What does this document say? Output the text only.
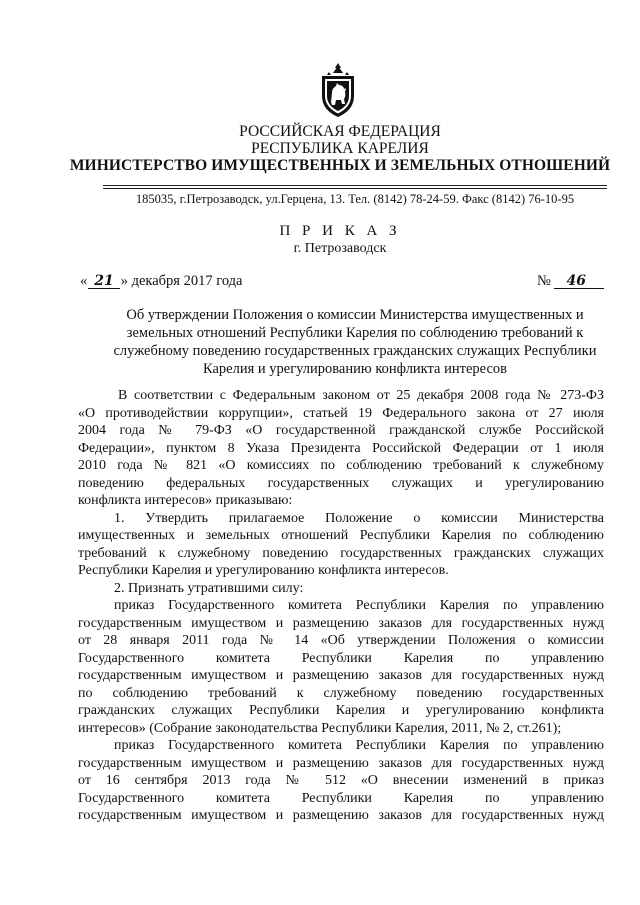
РОССИЙСКАЯ ФЕДЕРАЦИЯ
РЕСПУБЛИКА КАРЕЛИЯ
МИНИСТЕРСТВО ИМУЩЕСТВЕННЫХ И ЗЕМЕЛЬНЫХ ОТНОШЕНИЙ
185035, г.Петрозаводск, ул.Герцена, 13. Тел. (8142) 78-24-59. Факс (8142) 76-10-95
П Р И К А З
г. Петрозаводск
« 21 » декабря 2017 года	№ 46
Об утверждении Положения о комиссии Министерства имущественных и
земельных отношений Республики Карелия по соблюдению требований к
служебному поведению государственных гражданских служащих Республики
Карелия и урегулированию конфликта интересов
В соответствии с Федеральным законом от 25 декабря 2008 года № 273-ФЗ
«О противодействии коррупции», статьей 19 Федерального закона от 27 июля
2004 года № 79-ФЗ «О государственной гражданской службе Российской
Федерации», пунктом 8 Указа Президента Российской Федерации от 1 июля
2010 года № 821 «О комиссиях по соблюдению требований к служебному
поведению федеральных государственных служащих и урегулированию
конфликта интересов» приказываю:
1. Утвердить прилагаемое Положение о комиссии Министерства
имущественных и земельных отношений Республики Карелия по соблюдению
требований к служебному поведению государственных гражданских служащих
Республики Карелия и урегулированию конфликта интересов.
2. Признать утратившими силу:
приказ Государственного комитета Республики Карелия по управлению
государственным имуществом и размещению заказов для государственных нужд
от 28 января 2011 года № 14 «Об утверждении Положения о комиссии
Государственного комитета Республики Карелия по управлению
государственным имуществом и размещению заказов для государственных нужд
по соблюдению требований к служебному поведению государственных
гражданских служащих Республики Карелия и урегулированию конфликта
интересов» (Собрание законодательства Республики Карелия, 2011, № 2, ст.261);
приказ Государственного комитета Республики Карелия по управлению
государственным имуществом и размещению заказов для государственных нужд
от 16 сентября 2013 года № 512 «О внесении изменений в приказ
Государственного комитета Республики Карелия по управлению
государственным имуществом и размещению заказов для государственных нужд
